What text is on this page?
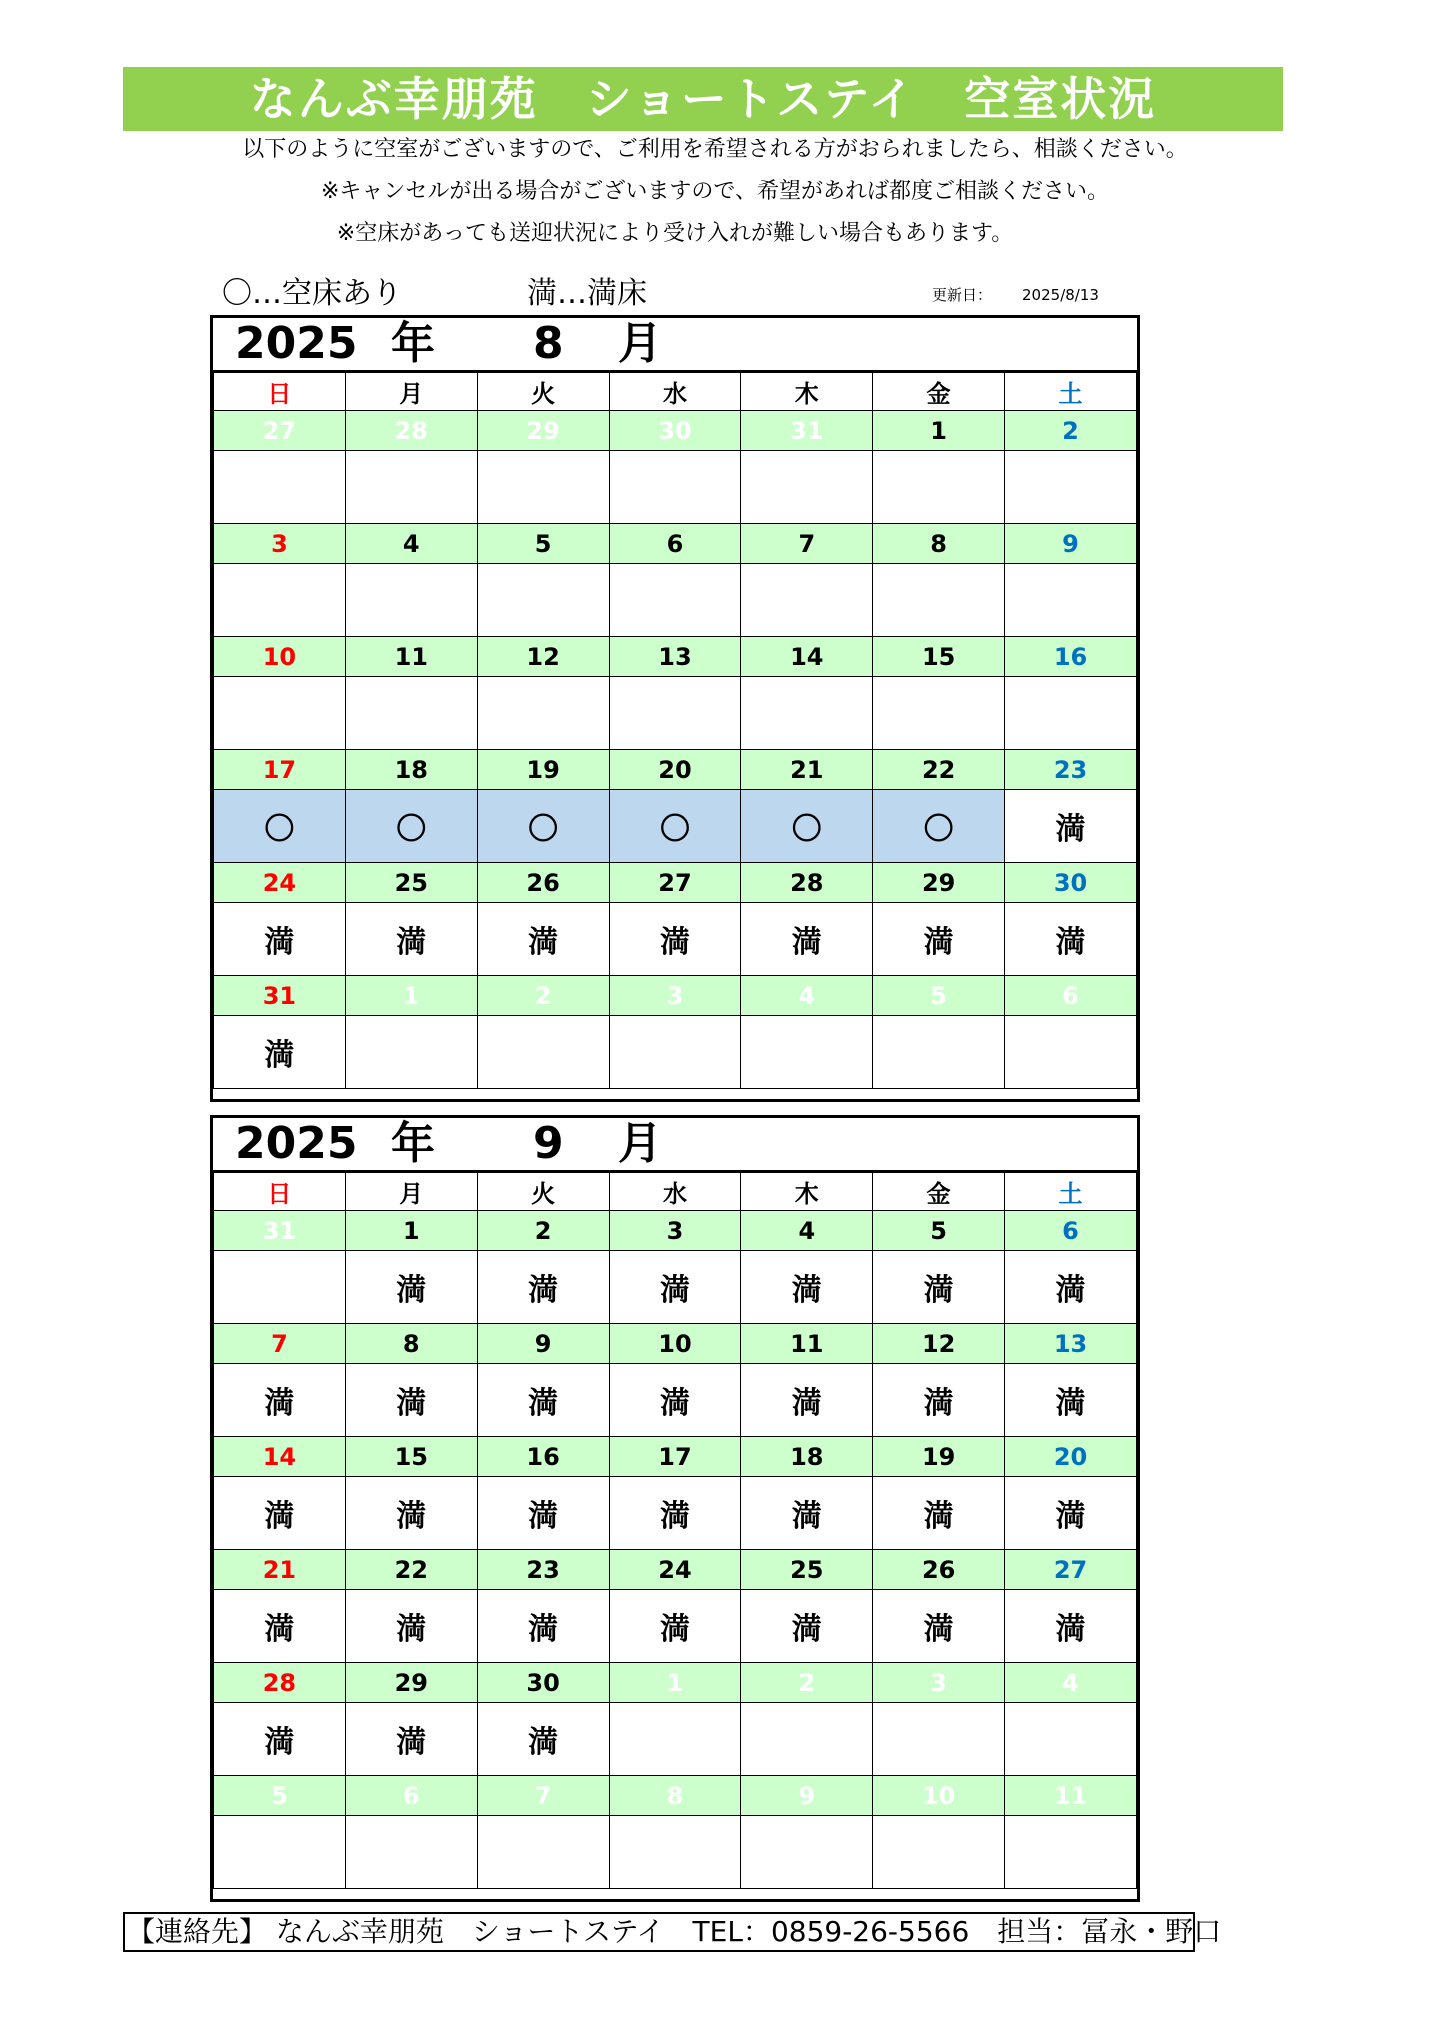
なんぶ幸朋苑　ショートステイ　空室状況
以下のように空室がございますので、ご利用を希望される方がおられましたら、相談ください。
※キャンセルが出る場合がございますので、希望があれば都度ご相談ください。
※空床があっても送迎状況により受け入れが難しい場合もあります。
〇…空床あり	満…満床	更新日： 2025/8/13
2025 年 8 月
日	月	火	水	木	金	土
27	28	29	30	31	1	2

3	4	5	6	7	8	9

10	11	12	13	14	15	16

17	18	19	20	21	22	23
〇	〇	〇	〇	〇	〇	満
24	25	26	27	28	29	30
満	満	満	満	満	満	満
31	1	2	3	4	5	6
満						
2025 年 9 月
日	月	火	水	木	金	土
31	1	2	3	4	5	6
	満	満	満	満	満	満
7	8	9	10	11	12	13
満	満	満	満	満	満	満
14	15	16	17	18	19	20
満	満	満	満	満	満	満
21	22	23	24	25	26	27
満	満	満	満	満	満	満
28	29	30	1	2	3	4
満	満	満				
5	6	7	8	9	10	11

【連絡先】 なんぶ幸朋苑　ショートステイ　TEL：0859-26-5566　担当：冨永・野口
